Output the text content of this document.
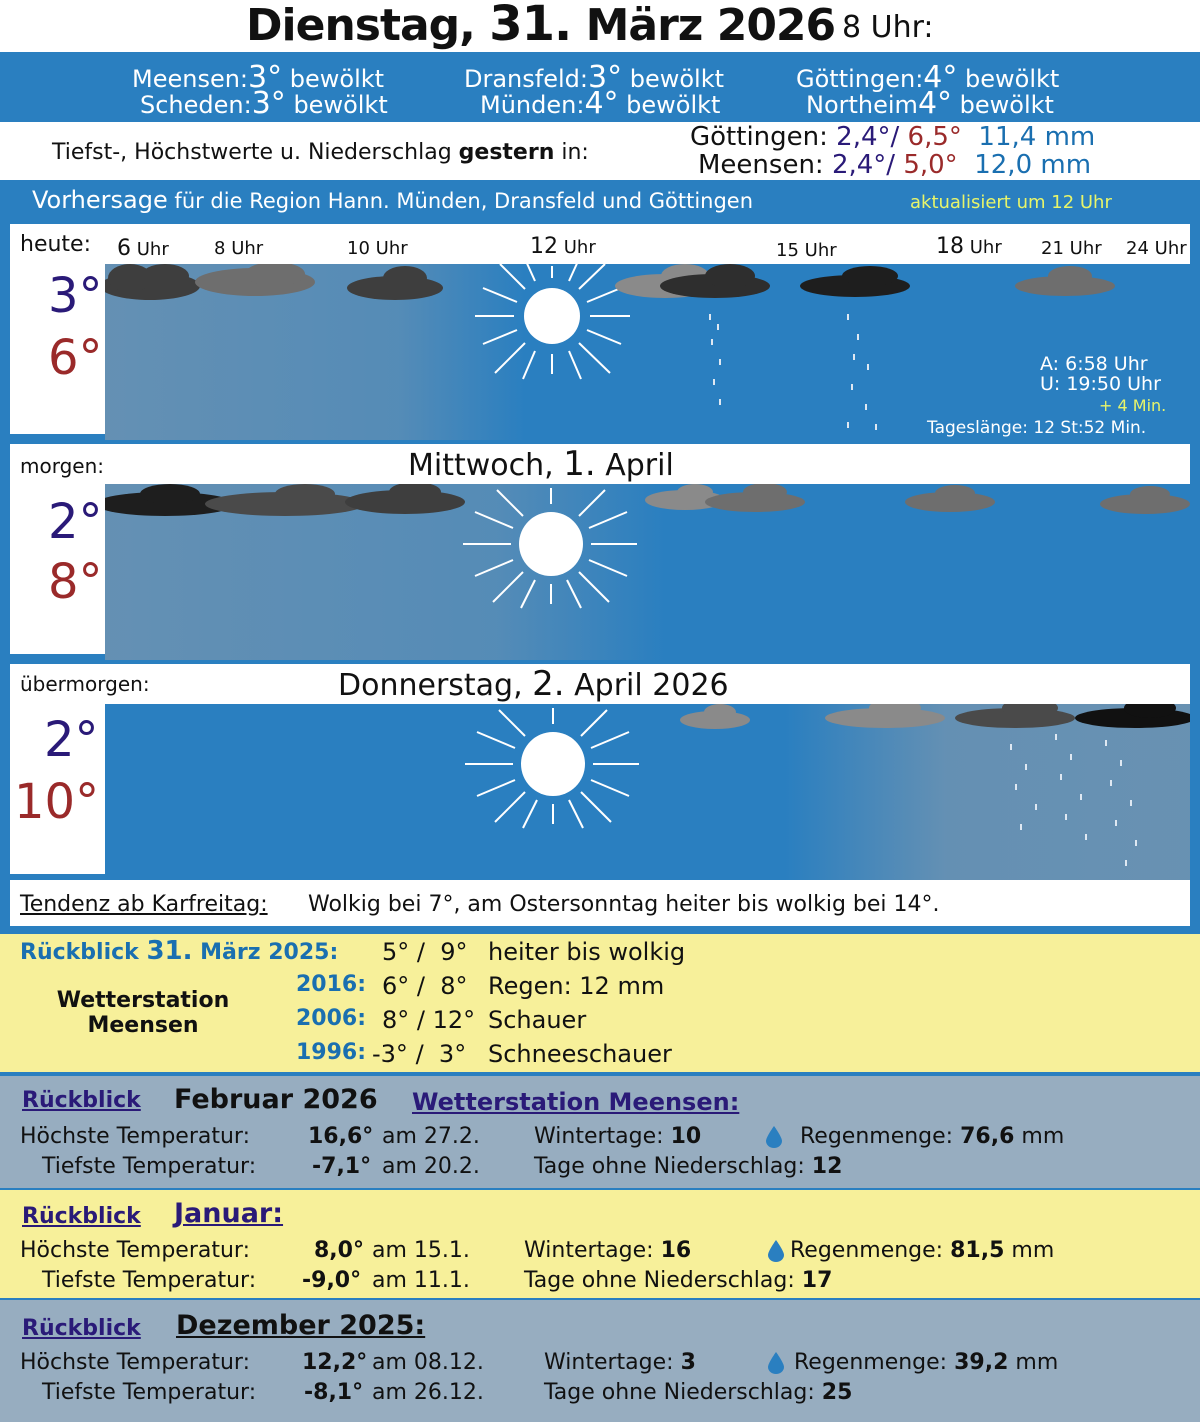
Dienstag, 31. März 2026 8 Uhr:
Meensen:3° bewölkt	Dransfeld:3° bewölkt	Göttingen:4° bewölkt
Scheden:3° bewölkt	Münden:4° bewölkt	Northeim4° bewölkt
Tiefst-, Höchstwerte u. Niederschlag gestern in:
Göttingen: 2,4°/ 6,5° 11,4 mm
Meensen: 2,4°/ 5,0° 12,0 mm
Vorhersage für die Region Hann. Münden, Dransfeld und Göttingen	aktualisiert um 12 Uhr
heute: 6 Uhr	8 Uhr	10 Uhr	12 Uhr	15 Uhr	18 Uhr 21 Uhr 24 Uhr
3°
6°	A: 6:58 Uhr
U: 19:50 Uhr
+ 4 Min.
Tageslänge: 12 St:52 Min.
morgen:	Mittwoch, 1. April
2°
8°
übermorgen:	Donnerstag, 2. April 2026
2°
10°
Tendenz ab Karfreitag: Wolkig bei 7°, am Ostersonntag heiter bis wolkig bei 14°.
Rückblick 31. März 2025:
Wetterstation
Meensen
5° /  9° heiter bis wolkig
2016: 6° /  8° Regen: 12 mm
2006: 8° / 12° Schauer
1996: -3° /  3° Schneeschauer
Rückblick Februar 2026 Wetterstation Meensen:
Höchste Temperatur:	16,6° am 27.2.
Tiefste Temperatur:	-7,1° am 20.2.
Wintertage: 10	Regenmenge: 76,6 mm
Tage ohne Niederschlag: 12
Rückblick Januar:
Höchste Temperatur:	8,0° am 15.1.
Tiefste Temperatur: -9,0° am 11.1.
Wintertage: 16	Regenmenge: 81,5 mm
Tage ohne Niederschlag: 17
Rückblick Dezember 2025:
Höchste Temperatur: 12,2° am 08.12.
Tiefste Temperatur: -8,1° am 26.12.
Wintertage: 3	Regenmenge: 39,2 mm
Tage ohne Niederschlag: 25
